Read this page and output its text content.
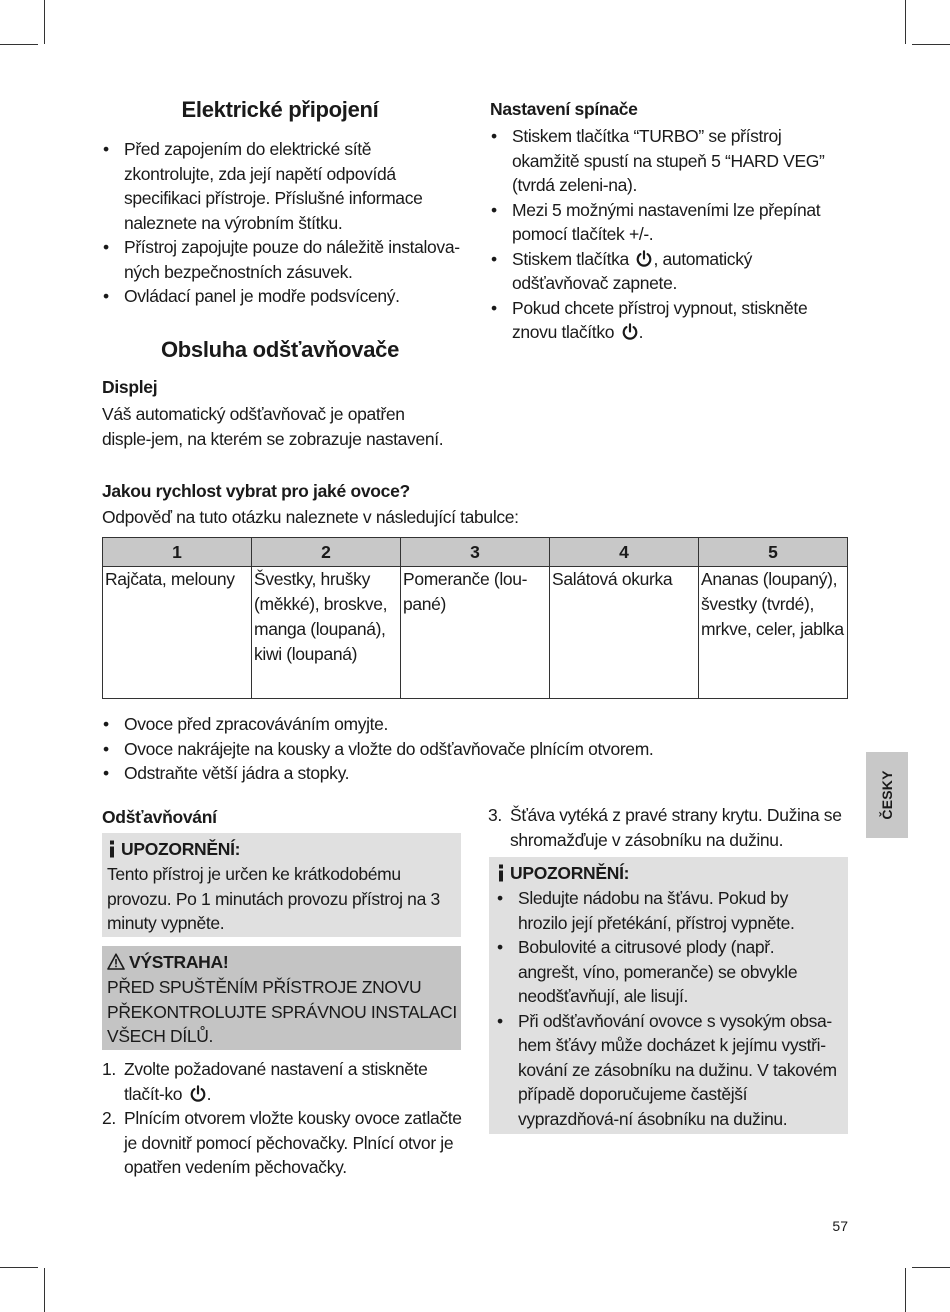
Elektrické připojení
• Před zapojením do elektrické sítě zkontrolujte, zda její napětí odpovídá specifikaci přístroje. Příslušné informace naleznete na výrobním štítku.
• Přístroj zapojujte pouze do náležitě instalova-ných bezpečnostních zásuvek.
• Ovládací panel je modře podsvícený.
Obsluha odšťavňovače
Displej
Váš automatický odšťavňovač je opatřen disple-jem, na kterém se zobrazuje nastavení.
Nastavení spínače
• Stiskem tlačítka “TURBO” se přístroj okamžitě spustí na stupeň 5 “HARD VEG” (tvrdá zeleni-na).
• Mezi 5 možnými nastaveními lze přepínat pomocí tlačítek +/-.
• Stiskem tlačítka , automatický odšťavňovač zapnete.
• Pokud chcete přístroj vypnout, stiskněte znovu tlačítko .
Jakou rychlost vybrat pro jaké ovoce?
Odpověď na tuto otázku naleznete v následující tabulce:
1	2	3	4	5
Rajčata, melouny	Švestky, hrušky (měkké), broskve, manga (loupaná), kiwi (loupaná)	Pomeranče (lou-pané)	Salátová okurka	Ananas (loupaný), švestky (tvrdé), mrkve, celer, jablka
• Ovoce před zpracováváním omyjte.
• Ovoce nakrájejte na kousky a vložte do odšťavňovače plnícím otvorem.
• Odstraňte větší jádra a stopky.	ČESKY
Odšťavňování
UPOZORNĚNÍ:
Tento přístroj je určen ke krátkodobému provozu. Po 1 minutách provozu přístroj na 3 minuty vypněte.
VÝSTRAHA!
PŘED SPUŠTĚNÍM PŘÍSTROJE ZNOVU PŘEKONTROLUJTE SPRÁVNOU INSTALACI VŠECH DÍLŮ.
1. Zvolte požadované nastavení a stiskněte tlačít-ko .
2. Plnícím otvorem vložte kousky ovoce zatlačte je dovnitř pomocí pěchovačky. Plnící otvor je opatřen vedením pěchovačky.
3. Šťáva vytéká z pravé strany krytu. Dužina se shromažďuje v zásobníku na dužinu.
UPOZORNĚNÍ:
• Sledujte nádobu na šťávu. Pokud by hrozilo její přetékání, přístroj vypněte.
• Bobulovité a citrusové plody (např. angrešt, víno, pomeranče) se obvykle neodšťavňují, ale lisují.
• Při odšťavňování ovovce s vysokým obsa-hem šťávy může docházet k jejímu vystři-kování ze zásobníku na dužinu. V takovém případě doporučujeme častější vyprazdňová-ní ásobníku na dužinu.
57
